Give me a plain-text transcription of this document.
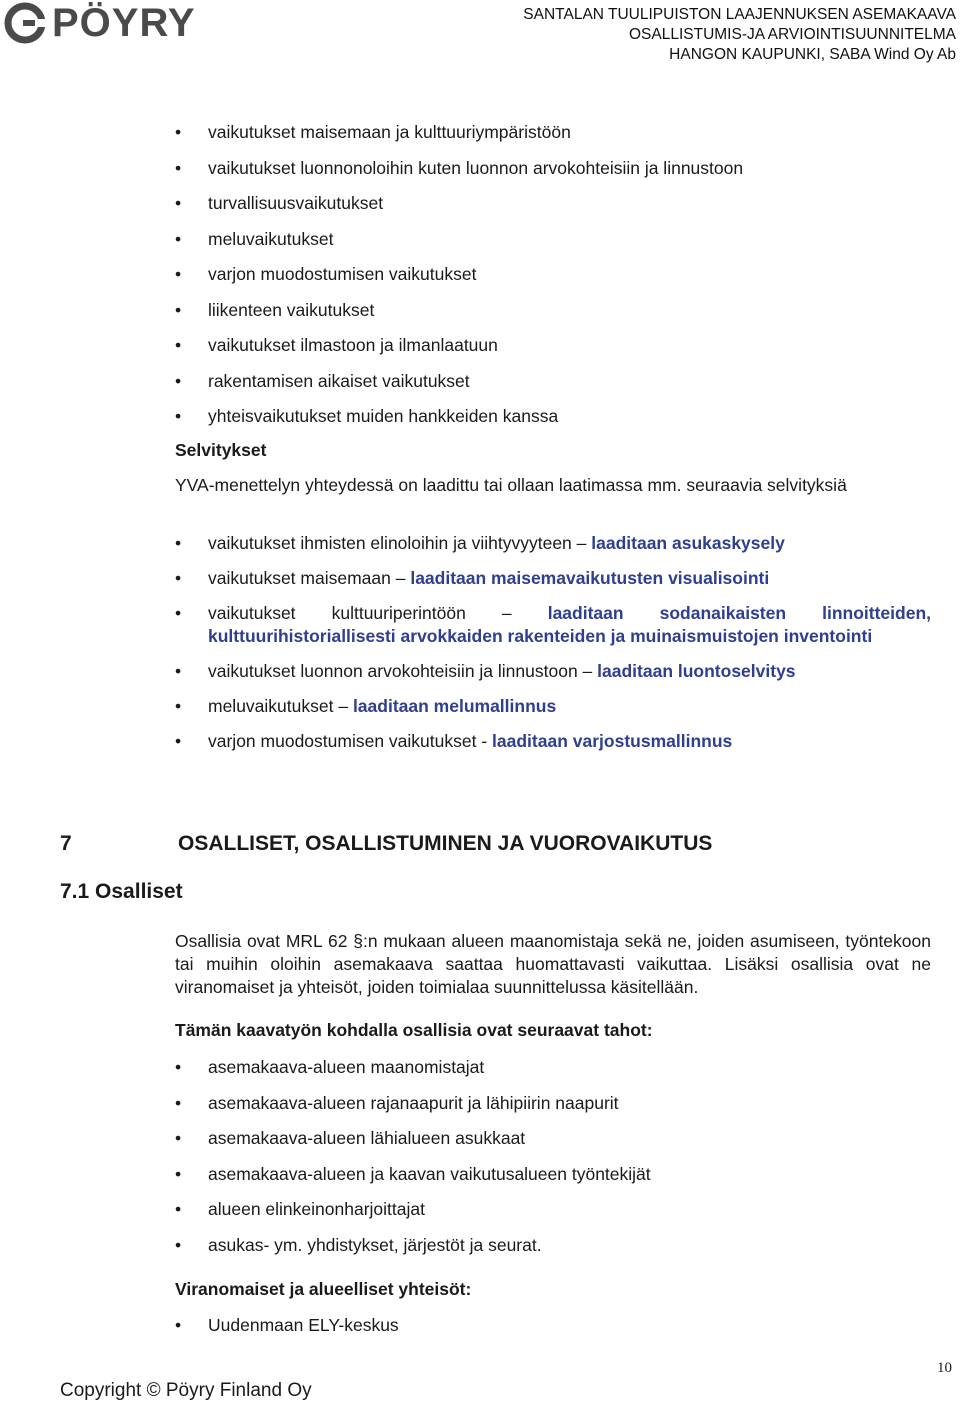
PÖYRY	SANTALAN TUULIPUISTON LAAJENNUKSEN ASEMAKAAVA
OSALLISTUMIS-JA ARVIOINTISUUNNITELMA
HANGON KAUPUNKI, SABA Wind Oy Ab
• vaikutukset maisemaan ja kulttuuriympäristöön
• vaikutukset luonnonoloihin kuten luonnon arvokohteisiin ja linnustoon
• turvallisuusvaikutukset
• meluvaikutukset
• varjon muodostumisen vaikutukset
• liikenteen vaikutukset
• vaikutukset ilmastoon ja ilmanlaatuun
• rakentamisen aikaiset vaikutukset
• yhteisvaikutukset muiden hankkeiden kanssa
Selvitykset
YVA-menettelyn yhteydessä on laadittu tai ollaan laatimassa mm. seuraavia selvityksiä
• vaikutukset ihmisten elinoloihin ja viihtyvyyteen – laaditaan asukaskysely
• vaikutukset maisemaan – laaditaan maisemavaikutusten visualisointi
• vaikutukset kulttuuriperintöön – laaditaan sodanaikaisten linnoitteiden, kulttuurihistoriallisesti arvokkaiden rakenteiden ja muinaismuistojen inventointi
• vaikutukset luonnon arvokohteisiin ja linnustoon – laaditaan luontoselvitys
• meluvaikutukset – laaditaan melumallinnus
• varjon muodostumisen vaikutukset - laaditaan varjostusmallinnus
7	OSALLISET, OSALLISTUMINEN JA VUOROVAIKUTUS
7.1 Osalliset
Osallisia ovat MRL 62 §:n mukaan alueen maanomistaja sekä ne, joiden asumiseen, työntekoon tai muihin oloihin asemakaava saattaa huomattavasti vaikuttaa. Lisäksi osallisia ovat ne viranomaiset ja yhteisöt, joiden toimialaa suunnittelussa käsitellään.
Tämän kaavatyön kohdalla osallisia ovat seuraavat tahot:
• asemakaava-alueen maanomistajat
• asemakaava-alueen rajanaapurit ja lähipiirin naapurit
• asemakaava-alueen lähialueen asukkaat
• asemakaava-alueen ja kaavan vaikutusalueen työntekijät
• alueen elinkeinonharjoittajat
• asukas- ym. yhdistykset, järjestöt ja seurat.
Viranomaiset ja alueelliset yhteisöt:
• Uudenmaan ELY-keskus
10
Copyright © Pöyry Finland Oy
